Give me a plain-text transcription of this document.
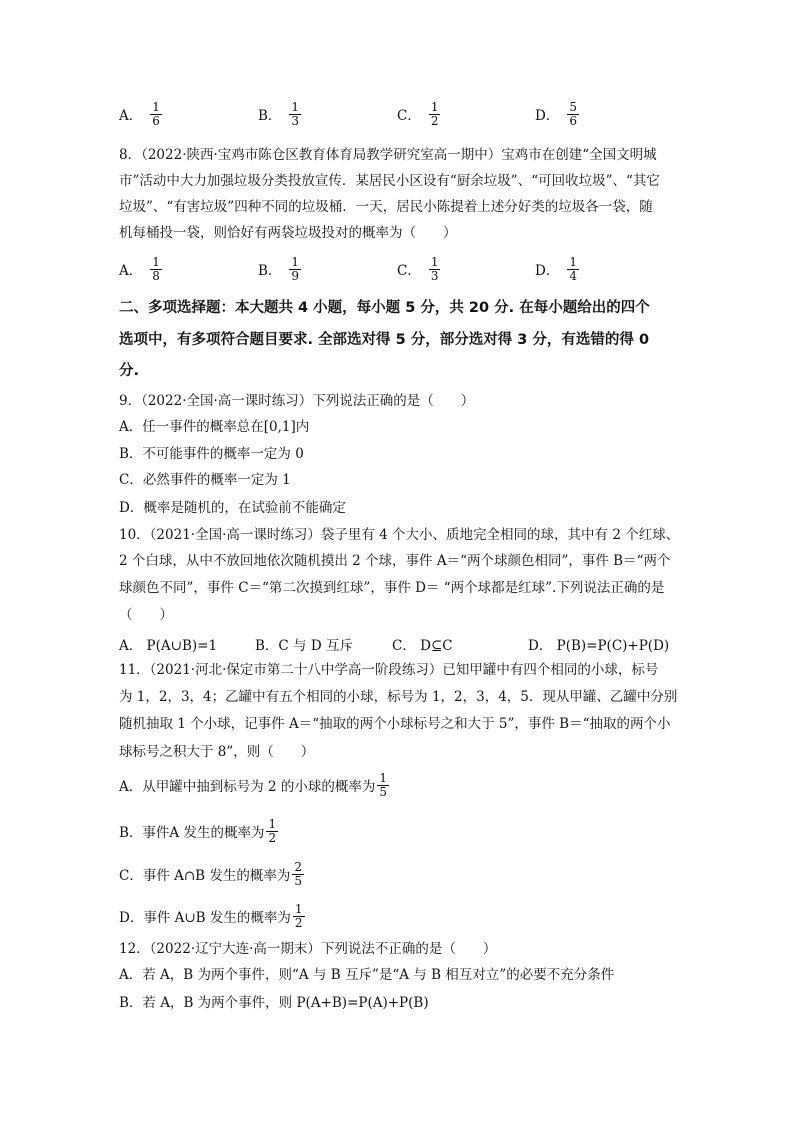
A． $\frac{1}{6}$	B． $\frac{1}{3}$	C． $\frac{1}{2}$	D． $\frac{5}{6}$
8．（2022·陕西·宝鸡市陈仓区教育体育局教学研究室高一期中）宝鸡市在创建“全国文明城
市”活动中大力加强垃圾分类投放宣传．某居民小区设有“厨余垃圾”、“可回收垃圾”、“其它
垃圾”、“有害垃圾”四种不同的垃圾桶．一天，居民小陈提着上述分好类的垃圾各一袋，随
机每桶投一袋，则恰好有两袋垃圾投对的概率为（　　）
A． $\frac{1}{8}$	B． $\frac{1}{9}$	C． $\frac{1}{3}$	D． $\frac{1}{4}$
二、多项选择题：本大题共 4 小题，每小题 5 分，共 20 分. 在每小题给出的四个
选项中，有多项符合题目要求. 全部选对得 5 分，部分选对得 3 分，有选错的得 0
分.
9．（2022·全国·高一课时练习）下列说法正确的是（　　）
A．任一事件的概率总在[0,1]内
B．不可能事件的概率一定为 0
C．必然事件的概率一定为 1
D．概率是随机的，在试验前不能确定
10．（2021·全国·高一课时练习）袋子里有 4 个大小、质地完全相同的球，其中有 2 个红球、
2 个白球，从中不放回地依次随机摸出 2 个球，事件 A＝“两个球颜色相同”，事件 B＝“两个
球颜色不同”，事件 C＝“第二次摸到红球”，事件 D＝ “两个球都是红球”.下列说法正确的是
（　　）
A． P(A∪B)=1	B．C 与 D 互斥	C． D⊆C	D． P(B)=P(C)+P(D)
11．（2021·河北·保定市第二十八中学高一阶段练习）已知甲罐中有四个相同的小球，标号
为 1，2，3，4；乙罐中有五个相同的小球，标号为 1，2，3，4，5．现从甲罐、乙罐中分别
随机抽取 1 个小球，记事件 A＝“抽取的两个小球标号之和大于 5”，事件 B＝“抽取的两个小
球标号之积大于 8”，则（　　）
A．从甲罐中抽到标号为 2 的小球的概率为 $\frac{1}{5}$
B．事件A 发生的概率为 $\frac{1}{2}$
C．事件 A∩B 发生的概率为 $\frac{2}{5}$
D．事件 A∪B 发生的概率为 $\frac{1}{2}$
12．（2022·辽宁大连·高一期末）下列说法不正确的是（　　）
A．若 A，B 为两个事件，则“A 与 B 互斥”是“A 与 B 相互对立”的必要不充分条件
B．若 A，B 为两个事件，则 P(A+B)=P(A)+P(B)
